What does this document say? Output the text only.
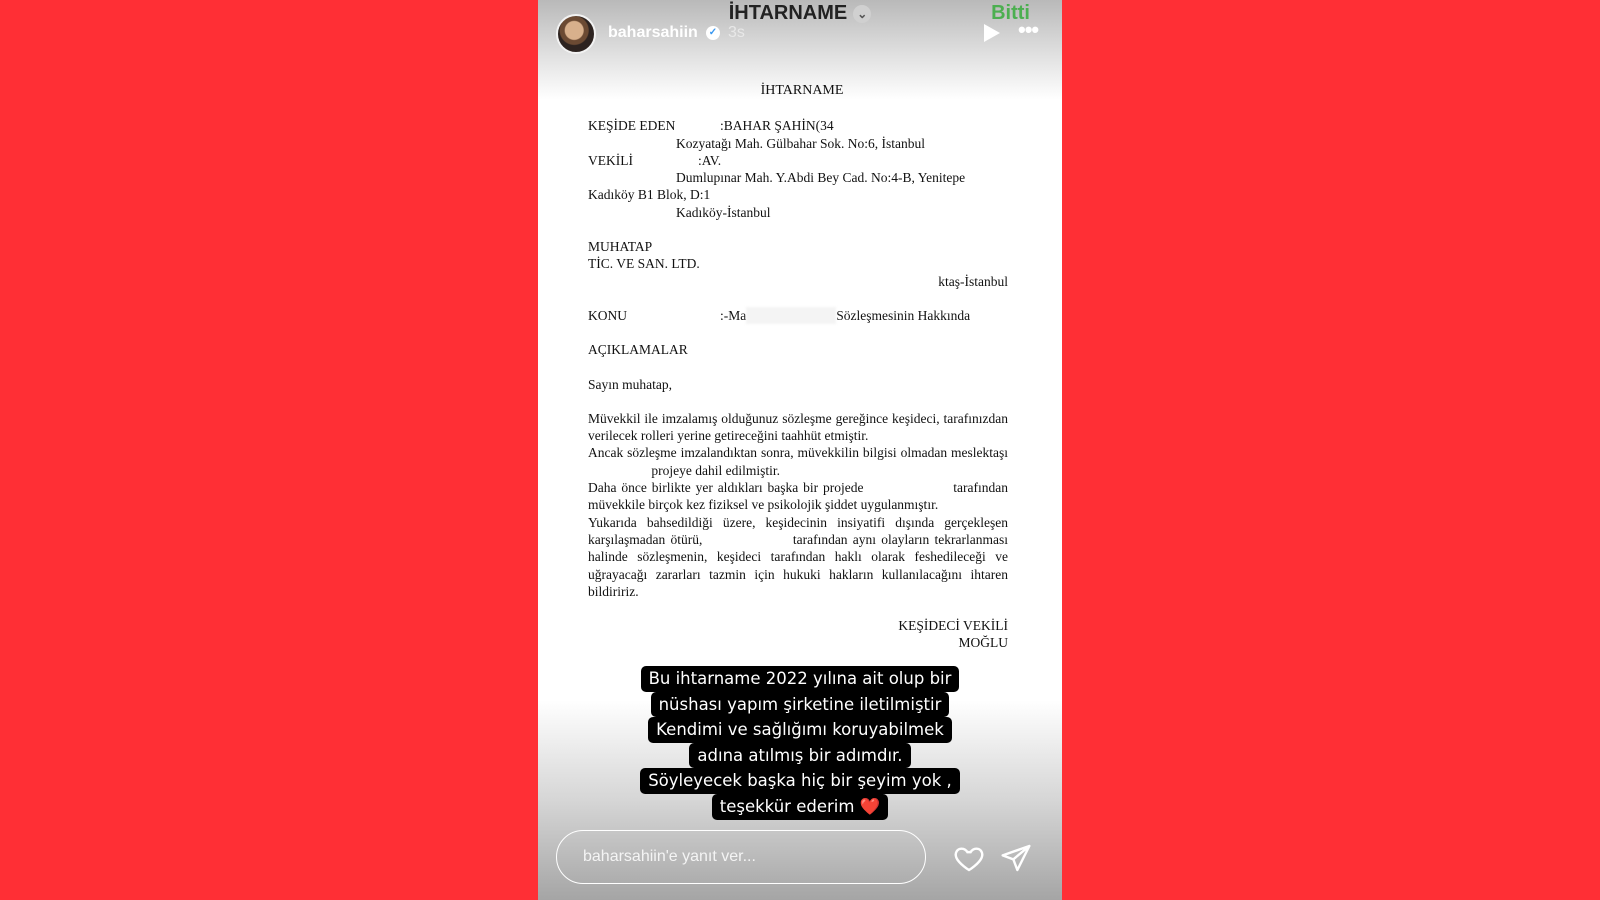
İHTARNAME ⌄	Bitti
baharsahiin ✓ 3s	•••
İHTARNAME
KEŞİDE EDEN	:BAHAR ŞAHİN(34
Kozyatağı Mah. Gülbahar Sok. No:6, İstanbul
VEKİLİ	:AV.
Dumlupınar Mah. Y.Abdi Bey Cad. No:4-B, Yenitepe
Kadıköy B1 Blok, D:1
Kadıköy-İstanbul
MUHATAP
TİC. VE SAN. LTD.
ktaş-İstanbul
KONU	:-Ma	Sözleşmesinin Hakkında
AÇIKLAMALAR
Sayın muhatap,
Müvekkil ile imzalamış olduğunuz sözleşme gereğince keşideci, tarafınızdan verilecek rolleri yerine getireceğini taahhüt etmiştir.
Ancak sözleşme imzalandıktan sonra, müvekkilin bilgisi olmadan meslektaşı  projeye dahil edilmiştir.
Daha önce birlikte yer aldıkları başka bir projede	tarafından müvekkile birçok kez fiziksel ve psikolojik şiddet uygulanmıştır.
Yukarıda bahsedildiği üzere, keşidecinin insiyatifi dışında gerçekleşen karşılaşmadan ötürü,	tarafından aynı olayların tekrarlanması halinde sözleşmenin, keşideci tarafından haklı olarak feshedileceği ve uğrayacağı zararları tazmin için hukuki hakların kullanılacağını ihtaren bildiririz.
KEŞİDECİ VEKİLİ
MOĞLU
Bu ihtarname 2022 yılına ait olup bir
nüshası yapım şirketine iletilmiştir
Kendimi ve sağlığımı koruyabilmek
adına atılmış bir adımdır.
Söyleyecek başka hiç bir şeyim yok ,
teşekkür ederim ❤️
baharsahiin'e yanıt ver...
